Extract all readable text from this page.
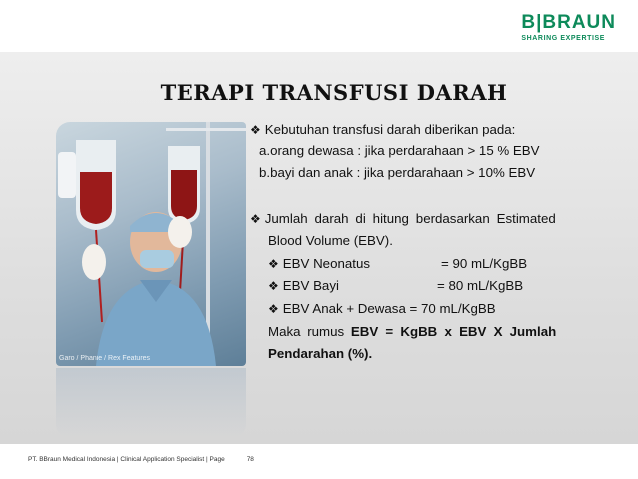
B|BRAUN
SHARING EXPERTISE
TERAPI TRANSFUSI DARAH
Garo / Phanie / Rex Features
❖ Kebutuhan transfusi darah diberikan pada:
a.orang dewasa : jika perdarahaan > 15 % EBV
b.bayi dan anak : jika perdarahaan > 10% EBV
❖ Jumlah darah di hitung berdasarkan Estimated
Blood Volume (EBV).
❖ EBV Neonatus	= 90 mL/KgBB
❖ EBV Bayi	= 80 mL/KgBB
❖ EBV Anak + Dewasa = 70 mL/KgBB
Maka rumus EBV = KgBB x EBV X Jumlah
Pendarahan (%).
PT. BBraun Medical Indonesia | Clinical Application Specialist | Page	78
